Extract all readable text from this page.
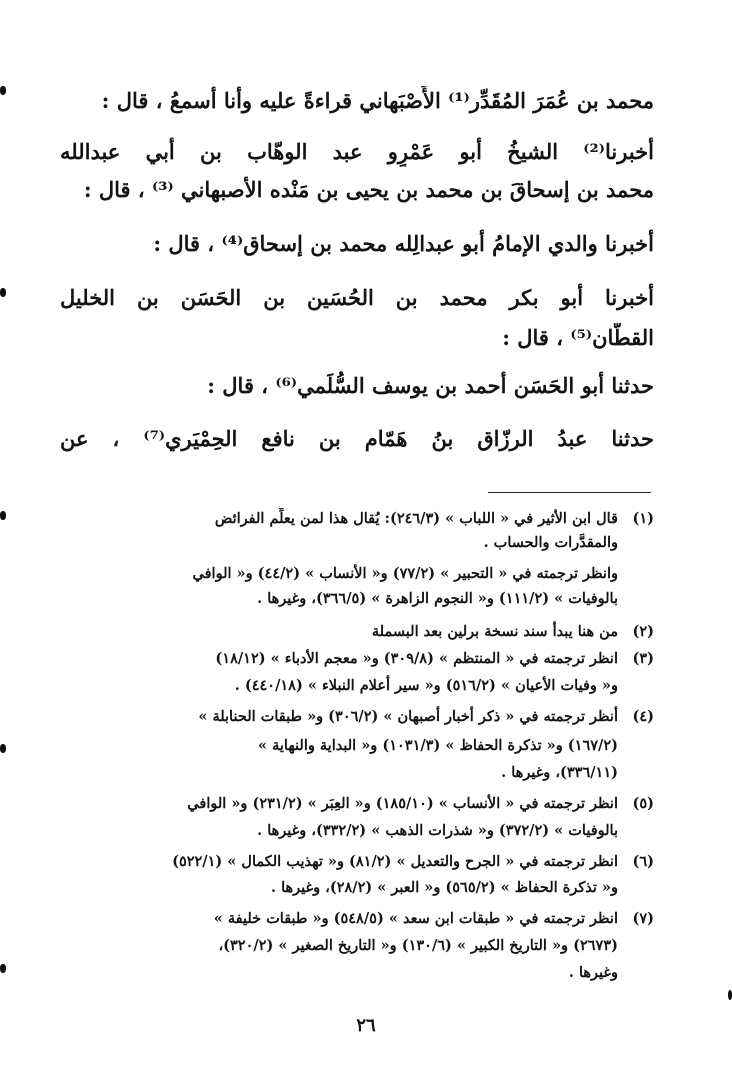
محمد بن عُمَرَ المُقَدِّر⁽¹⁾ الأَصْبَهاني قراءةً عليه وأنا أسمعُ ، قال :
أخبرنا⁽²⁾ الشيخُ أبو عَمْرٍو عبد الوهّاب بن أبي عبدالله
محمد بن إسحاقَ بن محمد بن يحيى بن مَنْده الأصبهاني ⁽³⁾ ، قال :
أخبرنا والدي الإمامُ أبو عبدالِله محمد بن إسحاق⁽⁴⁾ ، قال :
أخبرنا أبو بكر محمد بن الحُسَين بن الحَسَن بن الخليل
القطّان⁽⁵⁾ ، قال :
حدثنا أبو الحَسَن أحمد بن يوسف السُّلَمي⁽⁶⁾ ، قال :
حدثنا عبدُ الرزّاق بنُ هَمّام بن نافع الحِمْيَري⁽⁷⁾ ، عن
(١)قال ابن الأثير في « اللباب » (٢٤٦/٣): يُقال هذا لمن يعلِّم الفرائض
والمقدَّرات والحساب .
وانظر ترجمته في « التحبير » (٧٧/٢) و« الأنساب » (٤٤/٢) و« الوافي
بالوفيات » (١١١/٢) و« النجوم الزاهرة » (٣٦٦/٥)، وغيرها .
(٢)من هنا يبدأ سند نسخة برلين بعد البسملة
(٣)انظر ترجمته في « المنتظم » (٣٠٩/٨) و« معجم الأدباء » (١٨/١٢)
و« وفيات الأعيان » (٥١٦/٢) و« سير أعلام النبلاء » (٤٤٠/١٨) .
(٤)أنظر ترجمته في « ذكر أخبار أصبهان » (٣٠٦/٢) و« طبقات الحنابلة »
(١٦٧/٢) و« تذكرة الحفاظ » (١٠٣١/٣) و« البداية والنهاية »
(٣٣٦/١١)، وغيرها .
(٥)انظر ترجمته في « الأنساب » (١٨٥/١٠) و« العِبَر » (٢٣١/٢) و« الوافي
بالوفيات » (٣٧٢/٢) و« شذرات الذهب » (٣٣٢/٢)، وغيرها .
(٦)انظر ترجمته في « الجرح والتعديل » (٨١/٢) و« تهذيب الكمال » (٥٢٢/١)
و« تذكرة الحفاظ » (٥٦٥/٢) و« العبر » (٢٨/٢)، وغيرها .
(٧)انظر ترجمته في « طبقات ابن سعد » (٥٤٨/٥) و« طبقات خليفة »
(٢٦٧٣) و« التاريخ الكبير » (١٣٠/٦) و« التاريخ الصغير » (٣٢٠/٢)،
وغيرها .
٢٦
